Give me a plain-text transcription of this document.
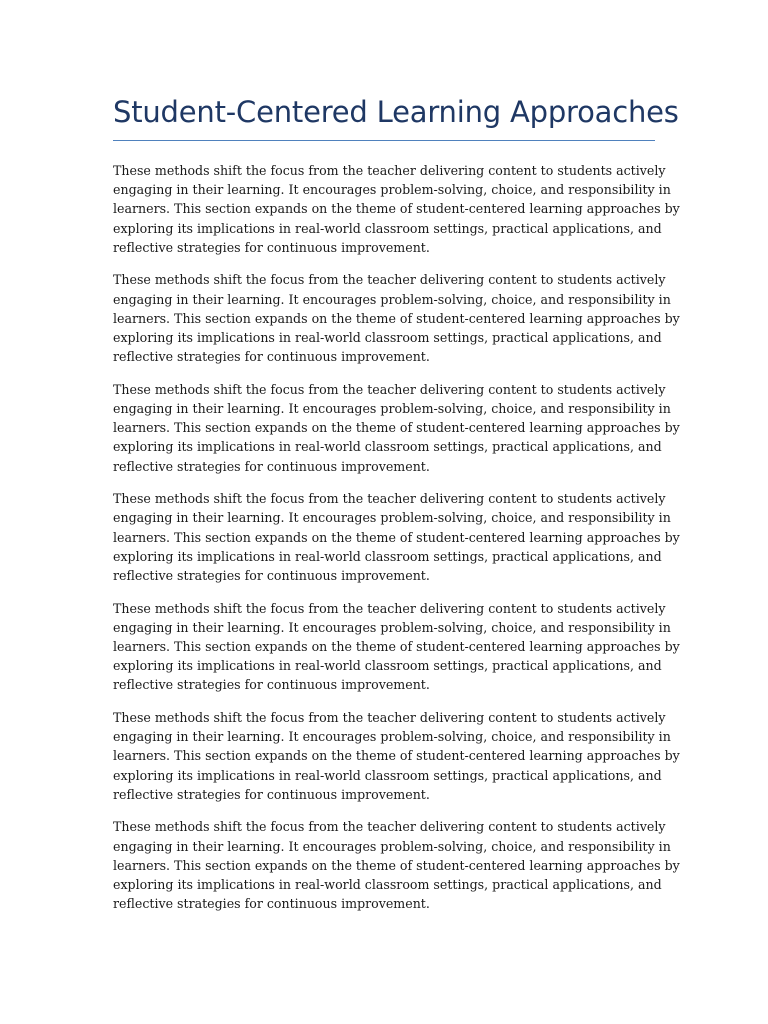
Student-Centered Learning Approaches

These methods shift the focus from the teacher delivering content to students actively
engaging in their learning. It encourages problem-solving, choice, and responsibility in
learners. This section expands on the theme of student-centered learning approaches by
exploring its implications in real-world classroom settings, practical applications, and
reflective strategies for continuous improvement.

These methods shift the focus from the teacher delivering content to students actively
engaging in their learning. It encourages problem-solving, choice, and responsibility in
learners. This section expands on the theme of student-centered learning approaches by
exploring its implications in real-world classroom settings, practical applications, and
reflective strategies for continuous improvement.

These methods shift the focus from the teacher delivering content to students actively
engaging in their learning. It encourages problem-solving, choice, and responsibility in
learners. This section expands on the theme of student-centered learning approaches by
exploring its implications in real-world classroom settings, practical applications, and
reflective strategies for continuous improvement.

These methods shift the focus from the teacher delivering content to students actively
engaging in their learning. It encourages problem-solving, choice, and responsibility in
learners. This section expands on the theme of student-centered learning approaches by
exploring its implications in real-world classroom settings, practical applications, and
reflective strategies for continuous improvement.

These methods shift the focus from the teacher delivering content to students actively
engaging in their learning. It encourages problem-solving, choice, and responsibility in
learners. This section expands on the theme of student-centered learning approaches by
exploring its implications in real-world classroom settings, practical applications, and
reflective strategies for continuous improvement.

These methods shift the focus from the teacher delivering content to students actively
engaging in their learning. It encourages problem-solving, choice, and responsibility in
learners. This section expands on the theme of student-centered learning approaches by
exploring its implications in real-world classroom settings, practical applications, and
reflective strategies for continuous improvement.

These methods shift the focus from the teacher delivering content to students actively
engaging in their learning. It encourages problem-solving, choice, and responsibility in
learners. This section expands on the theme of student-centered learning approaches by
exploring its implications in real-world classroom settings, practical applications, and
reflective strategies for continuous improvement.
